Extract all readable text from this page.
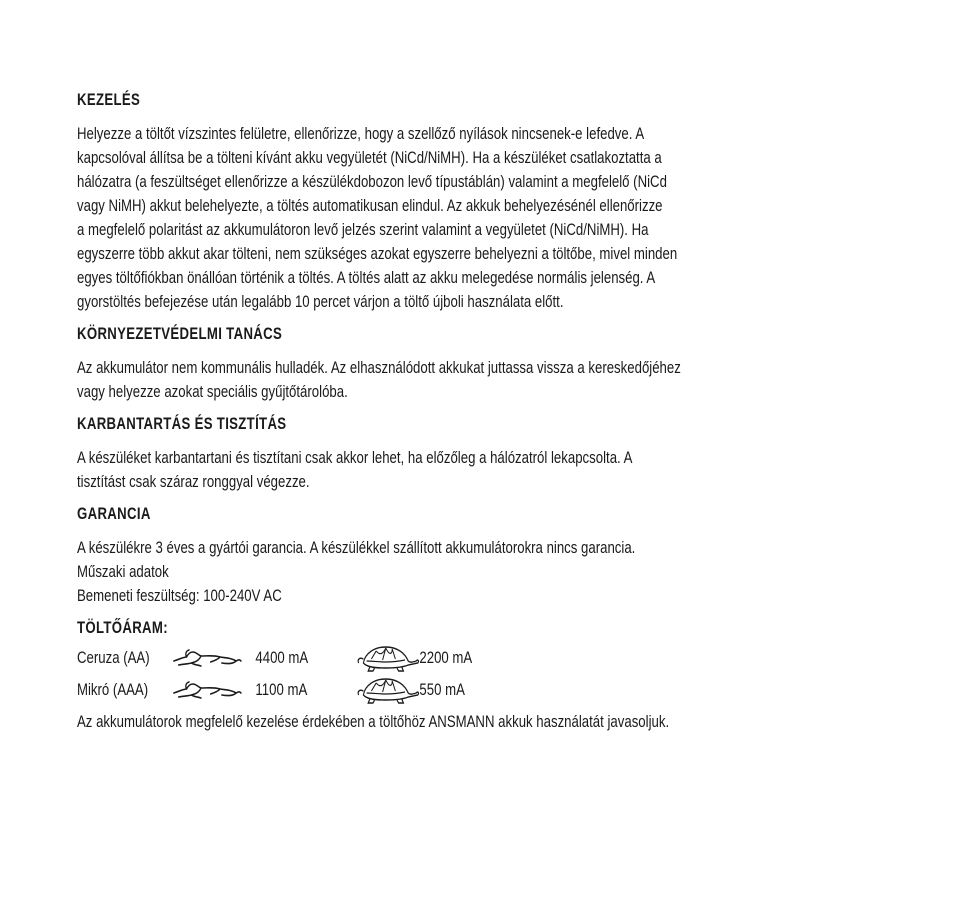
KEZELÉS
Helyezze a töltőt vízszintes felületre, ellenőrizze, hogy a szellőző nyílások nincsenek-e lefedve. A
kapcsolóval állítsa be a tölteni kívánt akku vegyületét (NiCd/NiMH). Ha a készüléket csatlakoztatta a
hálózatra (a feszültséget ellenőrizze a készülékdobozon levő típustáblán) valamint a megfelelő (NiCd
vagy NiMH) akkut belehelyezte, a töltés automatikusan elindul. Az akkuk behelyezésénél ellenőrizze
a megfelelő polaritást az akkumulátoron levő jelzés szerint valamint a vegyületet (NiCd/NiMH). Ha
egyszerre több akkut akar tölteni, nem szükséges azokat egyszerre behelyezni a töltőbe, mivel minden
egyes töltőfiókban önállóan történik a töltés. A töltés alatt az akku melegedése normális jelenség. A
gyorstöltés befejezése után legalább 10 percet várjon a töltő újboli használata előtt.
KÖRNYEZETVÉDELMI TANÁCS
Az akkumulátor nem kommunális hulladék. Az elhasználódott akkukat juttassa vissza a kereskedőjéhez
vagy helyezze azokat speciális gyűjtőtárolóba.
KARBANTARTÁS ÉS TISZTÍTÁS
A készüléket karbantartani és tisztítani csak akkor lehet, ha előzőleg a hálózatról lekapcsolta. A
tisztítást csak száraz ronggyal végezze.
GARANCIA
A készülékre 3 éves a gyártói garancia. A készülékkel szállított akkumulátorokra nincs garancia.
Műszaki adatok
Bemeneti feszültség: 100-240V AC
TÖLTŐÁRAM:
Ceruza (AA)	4400 mA	2200 mA
Mikró (AAA)	1100 mA	550 mA
Az akkumulátorok megfelelő kezelése érdekében a töltőhöz ANSMANN akkuk használatát javasoljuk.
